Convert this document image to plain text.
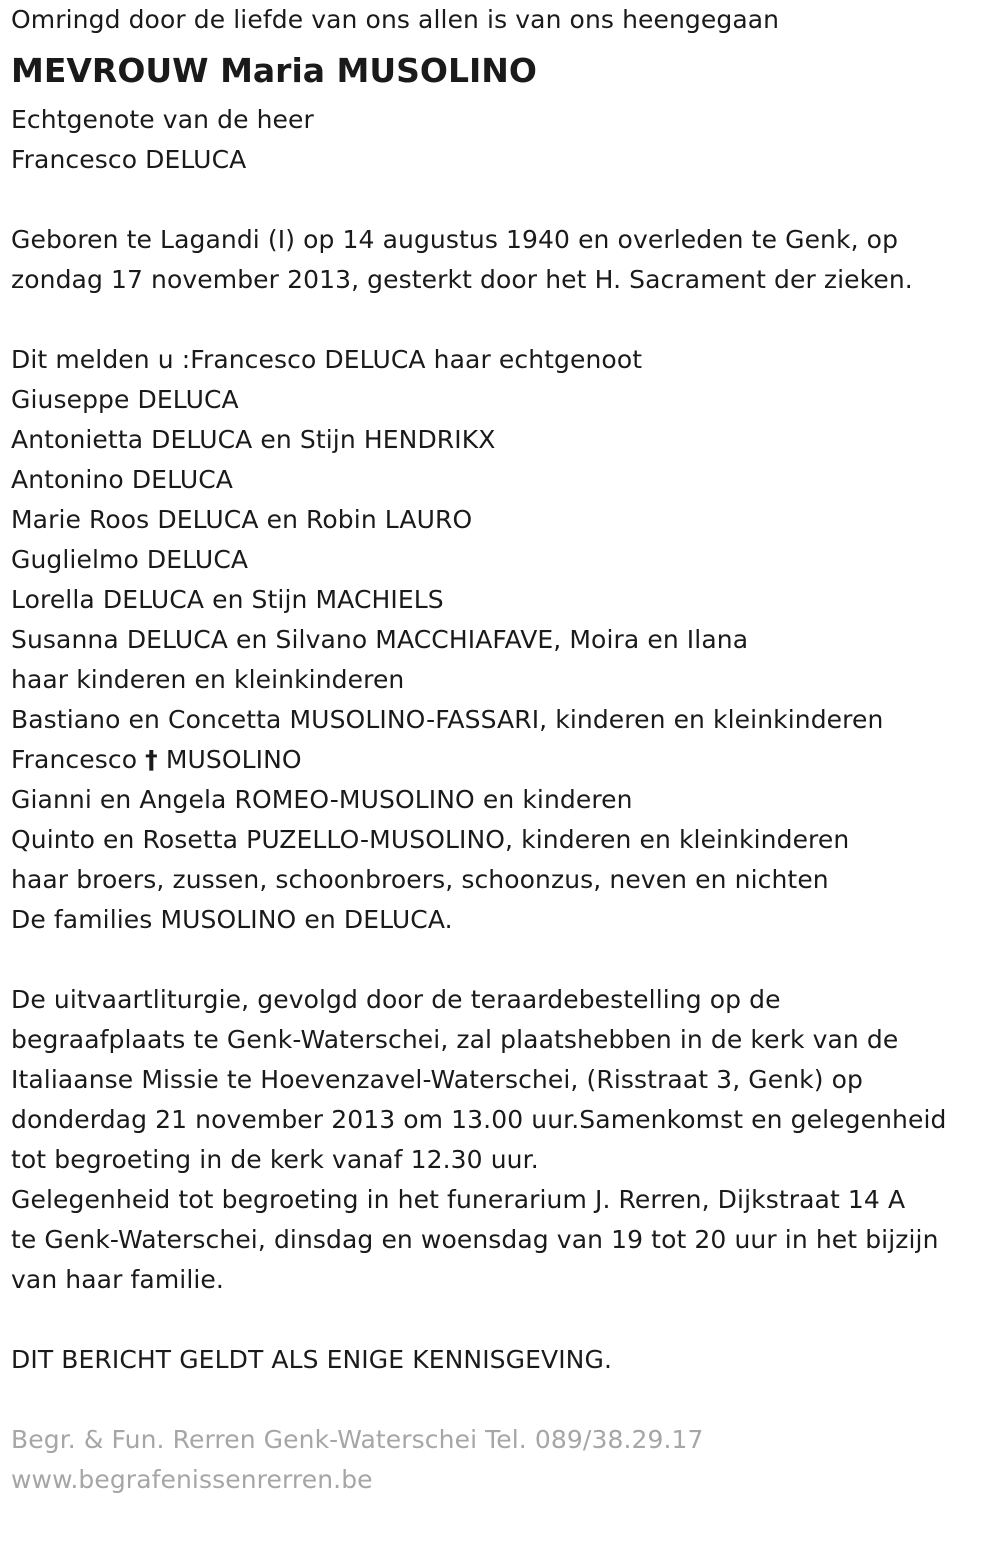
Omringd door de liefde van ons allen is van ons heengegaan
MEVROUW Maria MUSOLINO
Echtgenote van de heer
Francesco DELUCA
Geboren te Lagandi (I) op 14 augustus 1940 en overleden te Genk, op
zondag 17 november 2013, gesterkt door het H. Sacrament der zieken.
Dit melden u :Francesco DELUCA haar echtgenoot
Giuseppe DELUCA
Antonietta DELUCA en Stijn HENDRIKX
Antonino DELUCA
Marie Roos DELUCA en Robin LAURO
Guglielmo DELUCA
Lorella DELUCA en Stijn MACHIELS
Susanna DELUCA en Silvano MACCHIAFAVE, Moira en Ilana
haar kinderen en kleinkinderen
Bastiano en Concetta MUSOLINO-FASSARI, kinderen en kleinkinderen
Francesco † MUSOLINO
Gianni en Angela ROMEO-MUSOLINO en kinderen
Quinto en Rosetta PUZELLO-MUSOLINO, kinderen en kleinkinderen
haar broers, zussen, schoonbroers, schoonzus, neven en nichten
De families MUSOLINO en DELUCA.
De uitvaartliturgie, gevolgd door de teraardebestelling op de
begraafplaats te Genk-Waterschei, zal plaatshebben in de kerk van de
Italiaanse Missie te Hoevenzavel-Waterschei, (Risstraat 3, Genk) op
donderdag 21 november 2013 om 13.00 uur.Samenkomst en gelegenheid
tot begroeting in de kerk vanaf 12.30 uur.
Gelegenheid tot begroeting in het funerarium J. Rerren, Dijkstraat 14 A
te Genk-Waterschei, dinsdag en woensdag van 19 tot 20 uur in het bijzijn
van haar familie.
DIT BERICHT GELDT ALS ENIGE KENNISGEVING.
Begr. & Fun. Rerren Genk-Waterschei Tel. 089/38.29.17
www.begrafenissenrerren.be
